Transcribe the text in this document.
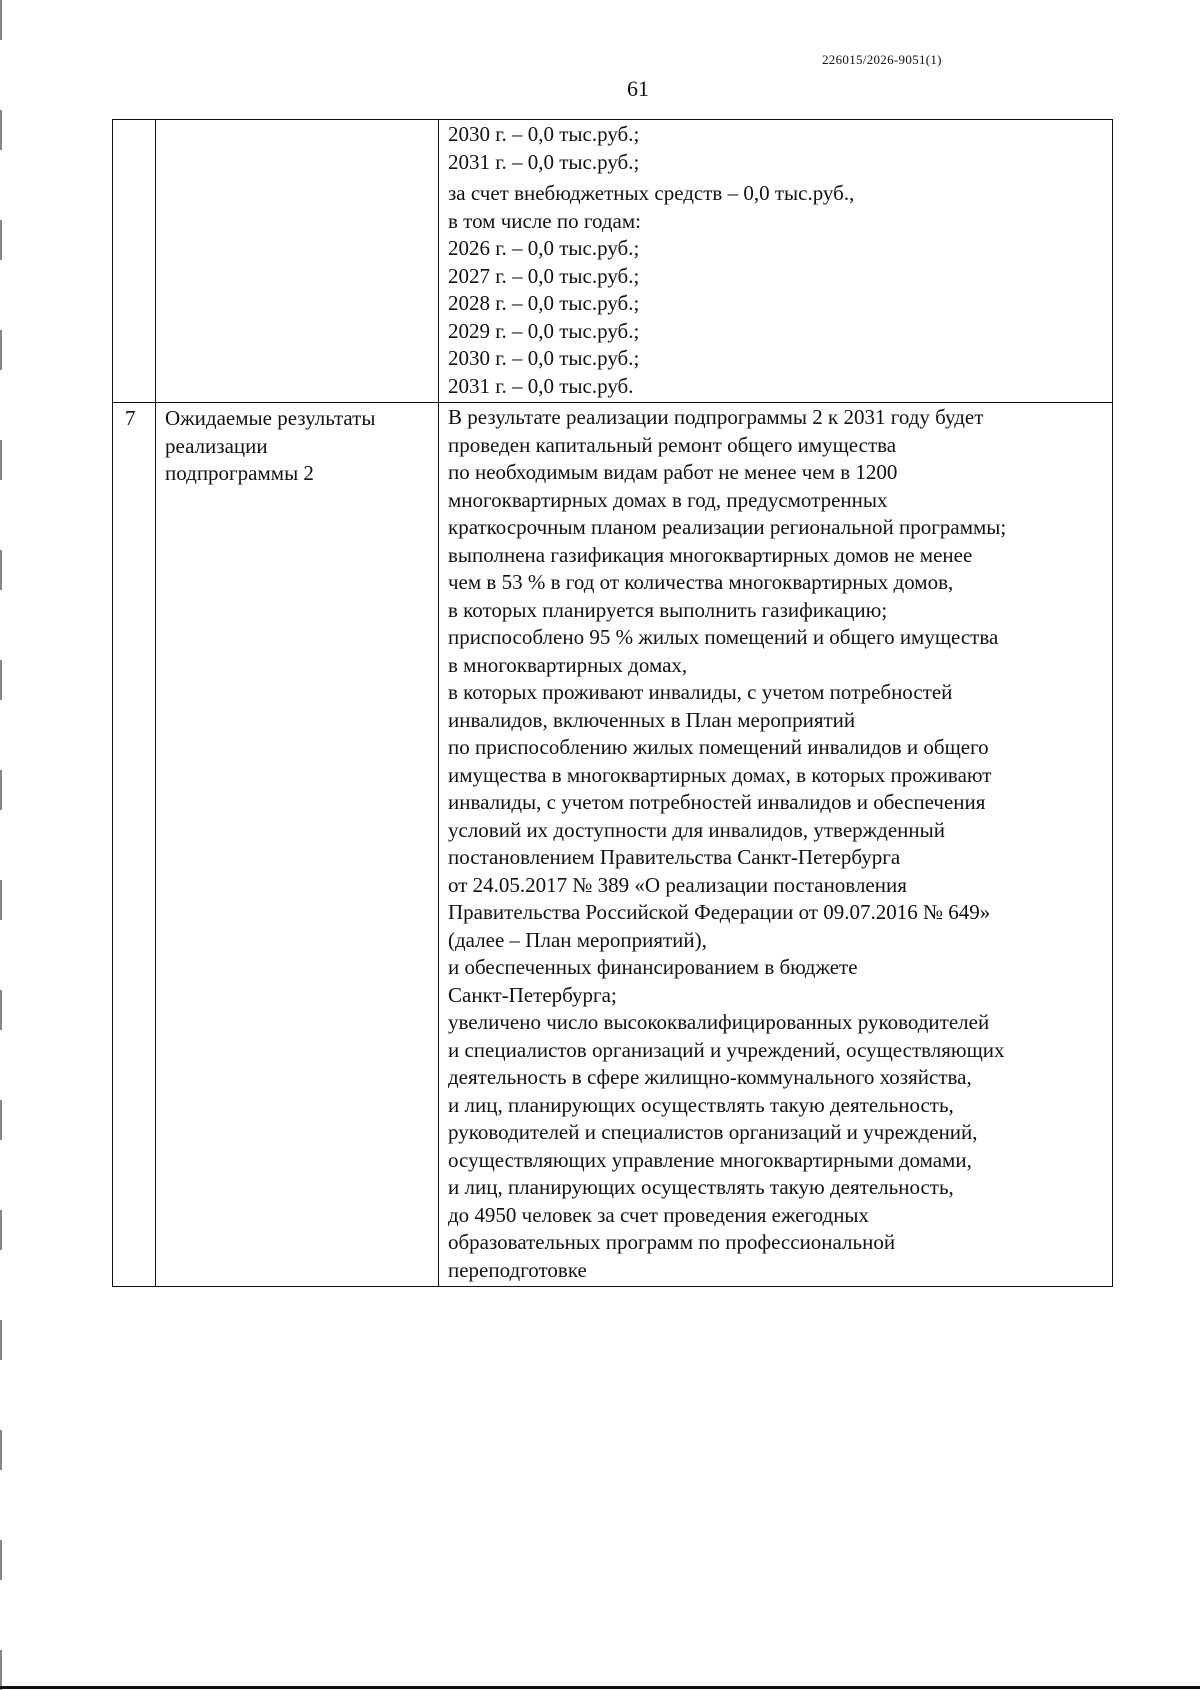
226015/2026-9051(1)
61
2030 г. – 0,0 тыс.руб.;
2031 г. – 0,0 тыс.руб.;
за счет внебюджетных средств – 0,0 тыс.руб.,
в том числе по годам:
2026 г. – 0,0 тыс.руб.;
2027 г. – 0,0 тыс.руб.;
2028 г. – 0,0 тыс.руб.;
2029 г. – 0,0 тыс.руб.;
2030 г. – 0,0 тыс.руб.;
2031 г. – 0,0 тыс.руб.
7	Ожидаемые результаты
реализации
подпрограммы 2
В результате реализации подпрограммы 2 к 2031 году будет
проведен капитальный ремонт общего имущества
по необходимым видам работ не менее чем в 1200
многоквартирных домах в год, предусмотренных
краткосрочным планом реализации региональной программы;
выполнена газификация многоквартирных домов не менее
чем в 53 % в год от количества многоквартирных домов,
в которых планируется выполнить газификацию;
приспособлено 95 % жилых помещений и общего имущества
в многоквартирных домах,
в которых проживают инвалиды, с учетом потребностей
инвалидов, включенных в План мероприятий
по приспособлению жилых помещений инвалидов и общего
имущества в многоквартирных домах, в которых проживают
инвалиды, с учетом потребностей инвалидов и обеспечения
условий их доступности для инвалидов, утвержденный
постановлением Правительства Санкт-Петербурга
от 24.05.2017 № 389 «О реализации постановления
Правительства Российской Федерации от 09.07.2016 № 649»
(далее – План мероприятий),
и обеспеченных финансированием в бюджете
Санкт-Петербурга;
увеличено число высококвалифицированных руководителей
и специалистов организаций и учреждений, осуществляющих
деятельность в сфере жилищно-коммунального хозяйства,
и лиц, планирующих осуществлять такую деятельность,
руководителей и специалистов организаций и учреждений,
осуществляющих управление многоквартирными домами,
и лиц, планирующих осуществлять такую деятельность,
до 4950 человек за счет проведения ежегодных
образовательных программ по профессиональной
переподготовке
